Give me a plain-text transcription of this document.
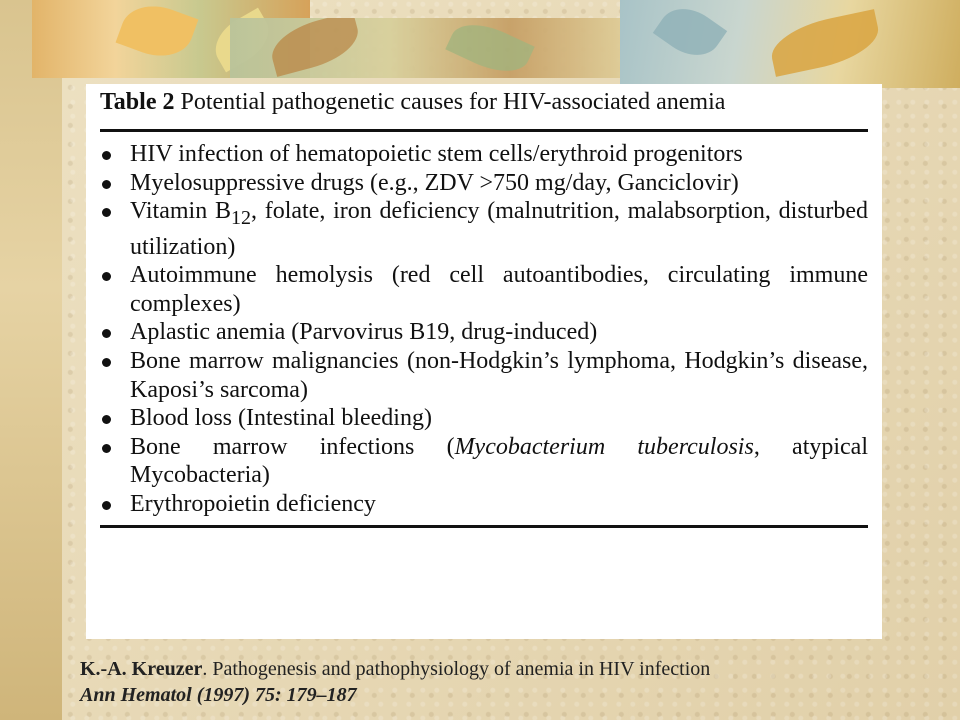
Table 2 Potential pathogenetic causes for HIV-associated anemia

HIV infection of hematopoietic stem cells/erythroid progenitors
Myelosuppressive drugs (e.g., ZDV >750 mg/day, Ganciclovir)
Vitamin $B_{12}$, folate, iron deficiency (malnutrition, malabsorption, disturbed utilization)
Autoimmune hemolysis (red cell autoantibodies, circulating immune complexes)
Aplastic anemia (Parvovirus B19, drug-induced)
Bone marrow malignancies (non-Hodgkin’s lymphoma, Hodgkin’s disease, Kaposi’s sarcoma)
Blood loss (Intestinal bleeding)
Bone marrow infections (Mycobacterium tuberculosis, atypical Mycobacteria)
Erythropoietin deficiency
K.-A. Kreuzer. Pathogenesis and pathophysiology of anemia in HIV infection
Ann Hematol (1997) 75: 179–187
